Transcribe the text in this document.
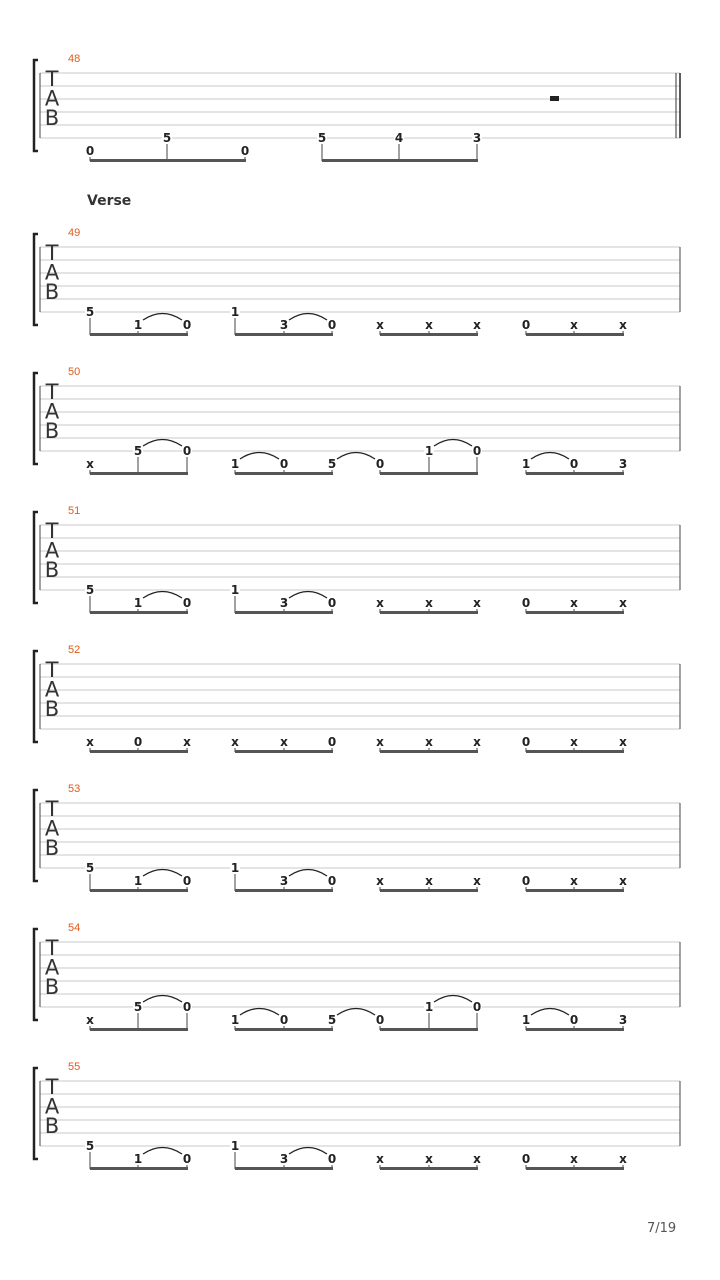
T
A
B
48
0
5
0
5	4	3
T
A
B
49
5
1	0
1
3	0	x	x	x	0	x	x
T
A
B
50
x
5	0
1	0	5	0
1	0
1	0	3
T
A
B
51
5
1	0
1
3	0	x	x	x	0	x	x
T
A
B
52
x	0	x	x	x	0	x	x	x	0	x	x
T
A
B
53
5
1	0
1
3	0	x	x	x	0	x	x
T
A
B
54
x
5	0
1	0	5	0
1	0
1	0	3
T
A
B
55
5
1	0
1
3	0	x	x	x	0	x	x
Verse
7/19
